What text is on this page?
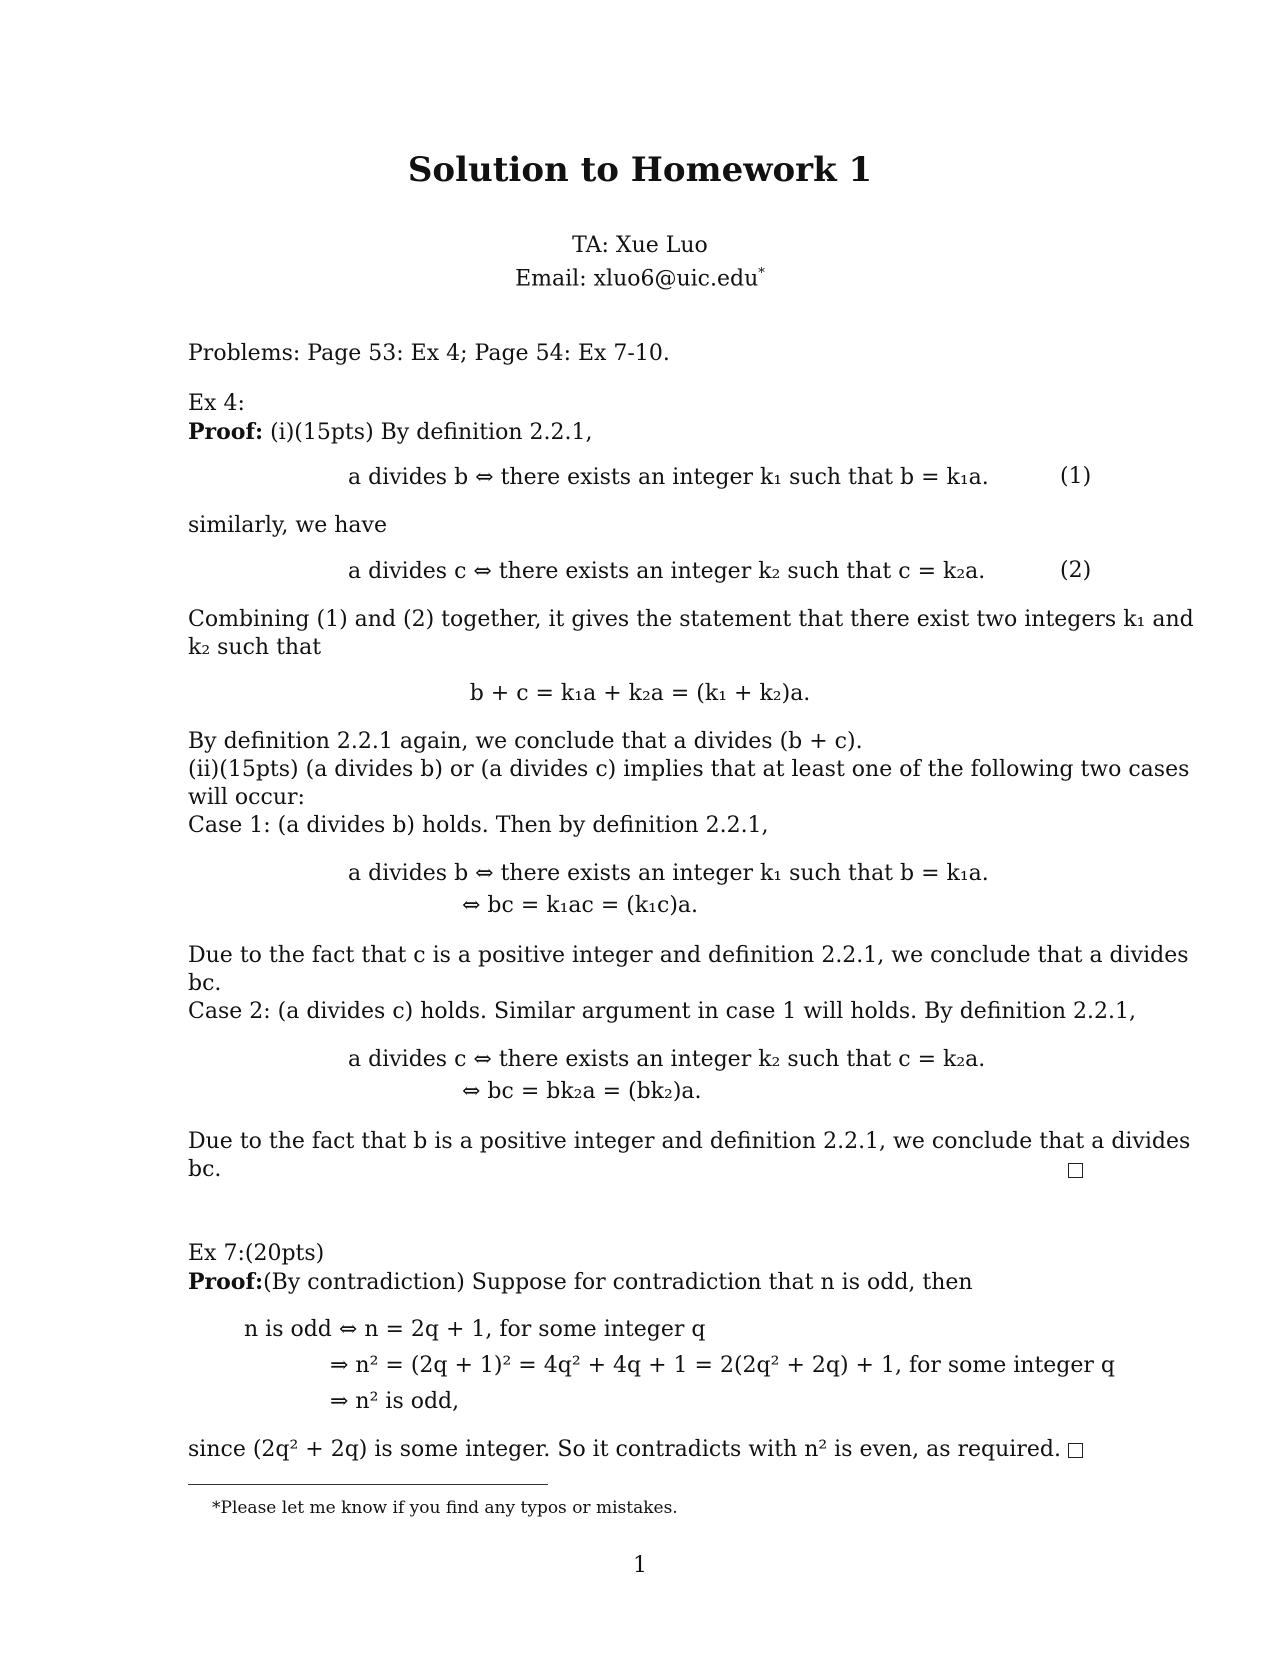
Solution to Homework 1
TA: Xue Luo
Email: xluo6@uic.edu*
Problems: Page 53: Ex 4; Page 54: Ex 7-10.
Ex 4:
Proof: (i)(15pts) By definition 2.2.1,
a divides b ⇔ there exists an integer k₁ such that b = k₁a.	(1)
similarly, we have
a divides c ⇔ there exists an integer k₂ such that c = k₂a.	(2)
Combining (1) and (2) together, it gives the statement that there exist two integers k₁ and
k₂ such that
b + c = k₁a + k₂a = (k₁ + k₂)a.
By definition 2.2.1 again, we conclude that a divides (b + c).
(ii)(15pts) (a divides b) or (a divides c) implies that at least one of the following two cases
will occur:
Case 1: (a divides b) holds. Then by definition 2.2.1,
a divides b ⇔ there exists an integer k₁ such that b = k₁a.
⇔ bc = k₁ac = (k₁c)a.
Due to the fact that c is a positive integer and definition 2.2.1, we conclude that a divides
bc.
Case 2: (a divides c) holds. Similar argument in case 1 will holds. By definition 2.2.1,
a divides c ⇔ there exists an integer k₂ such that c = k₂a.
⇔ bc = bk₂a = (bk₂)a.
Due to the fact that b is a positive integer and definition 2.2.1, we conclude that a divides
bc.
Ex 7:(20pts)
Proof:(By contradiction) Suppose for contradiction that n is odd, then
n is odd ⇔ n = 2q + 1, for some integer q
⇒ n² = (2q + 1)² = 4q² + 4q + 1 = 2(2q² + 2q) + 1, for some integer q
⇒ n² is odd,
since (2q² + 2q) is some integer. So it contradicts with n² is even, as required.
*Please let me know if you find any typos or mistakes.
1
